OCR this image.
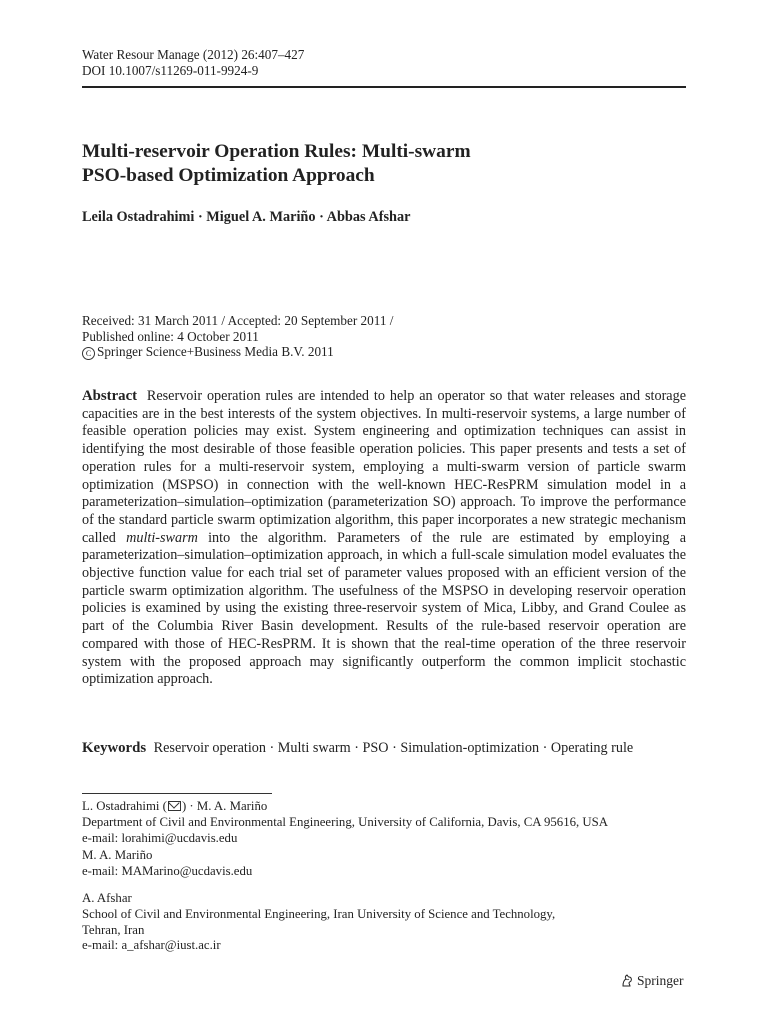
Water Resour Manage (2012) 26:407–427
DOI 10.1007/s11269-011-9924-9
Multi-reservoir Operation Rules: Multi-swarm
PSO-based Optimization Approach
Leila Ostadrahimi · Miguel A. Mariño · Abbas Afshar
Received: 31 March 2011 / Accepted: 20 September 2011 /
Published online: 4 October 2011
C Springer Science+Business Media B.V. 2011

Abstract Reservoir operation rules are intended to help an operator so that water releases and storage capacities are in the best interests of the system objectives. In multi-reservoir systems, a large number of feasible operation policies may exist. System engineering and optimization techniques can assist in identifying the most desirable of those feasible operation policies. This paper presents and tests a set of operation rules for a multi-reservoir system, employing a multi-swarm version of particle swarm optimization (MSPSO) in connection with the well-known HEC-ResPRM simulation model in a parameterization–simulation–optimization (parameterization SO) approach. To improve the performance of the standard particle swarm optimization algorithm, this paper incorporates a new strategic mechanism called multi-swarm into the algorithm. Parameters of the rule are estimated by employing a parameterization–simulation–optimization approach, in which a full-scale simulation model evaluates the objective function value for each trial set of parameter values proposed with an efficient version of the particle swarm optimization algorithm. The usefulness of the MSPSO in developing reservoir operation policies is examined by using the existing three-reservoir system of Mica, Libby, and Grand Coulee as part of the Columbia River Basin development. Results of the rule-based reservoir operation are compared with those of HEC-ResPRM. It is shown that the real-time operation of the three reservoir system with the proposed approach may significantly outperform the common implicit stochastic optimization approach.

Keywords Reservoir operation · Multi swarm · PSO · Simulation-optimization · Operating rule
L. Ostadrahimi ( ) · M. A. Mariño
Department of Civil and Environmental Engineering, University of California, Davis, CA 95616, USA
e-mail: lorahimi@ucdavis.edu
M. A. Mariño
e-mail: MAMarino@ucdavis.edu
A. Afshar
School of Civil and Environmental Engineering, Iran University of Science and Technology,
Tehran, Iran
e-mail: a_afshar@iust.ac.ir
Springer
